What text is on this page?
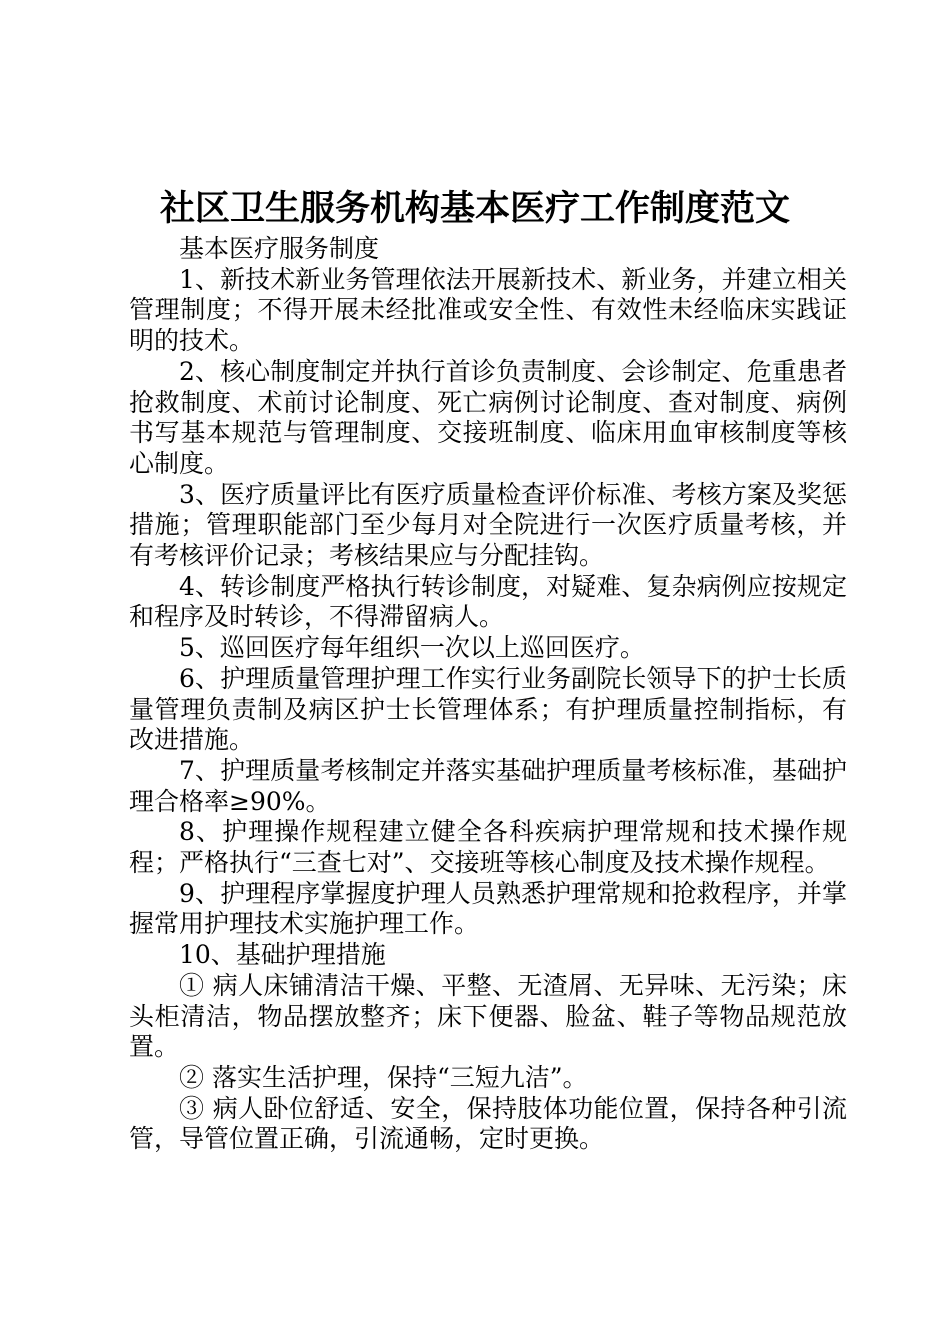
社区卫生服务机构基本医疗工作制度范文

基本医疗服务制度

1、新技术新业务管理依法开展新技术、新业务，并建立相关管理制度；不得开展未经批准或安全性、有效性未经临床实践证明的技术。

2、核心制度制定并执行首诊负责制度、会诊制定、危重患者抢救制度、术前讨论制度、死亡病例讨论制度、查对制度、病例书写基本规范与管理制度、交接班制度、临床用血审核制度等核心制度。

3、医疗质量评比有医疗质量检查评价标准、考核方案及奖惩措施；管理职能部门至少每月对全院进行一次医疗质量考核，并有考核评价记录；考核结果应与分配挂钩。

4、转诊制度严格执行转诊制度，对疑难、复杂病例应按规定和程序及时转诊，不得滞留病人。

5、巡回医疗每年组织一次以上巡回医疗。

6、护理质量管理护理工作实行业务副院长领导下的护士长质量管理负责制及病区护士长管理体系；有护理质量控制指标，有改进措施。

7、护理质量考核制定并落实基础护理质量考核标准，基础护理合格率≥90%。

8、护理操作规程建立健全各科疾病护理常规和技术操作规程；严格执行“三查七对”、交接班等核心制度及技术操作规程。

9、护理程序掌握度护理人员熟悉护理常规和抢救程序，并掌握常用护理技术实施护理工作。

10、基础护理措施

① 病人床铺清洁干燥、平整、无渣屑、无异味、无污染；床头柜清洁，物品摆放整齐；床下便器、脸盆、鞋子等物品规范放置。

② 落实生活护理，保持“三短九洁”。

③ 病人卧位舒适、安全，保持肢体功能位置，保持各种引流管，导管位置正确，引流通畅，定时更换。
